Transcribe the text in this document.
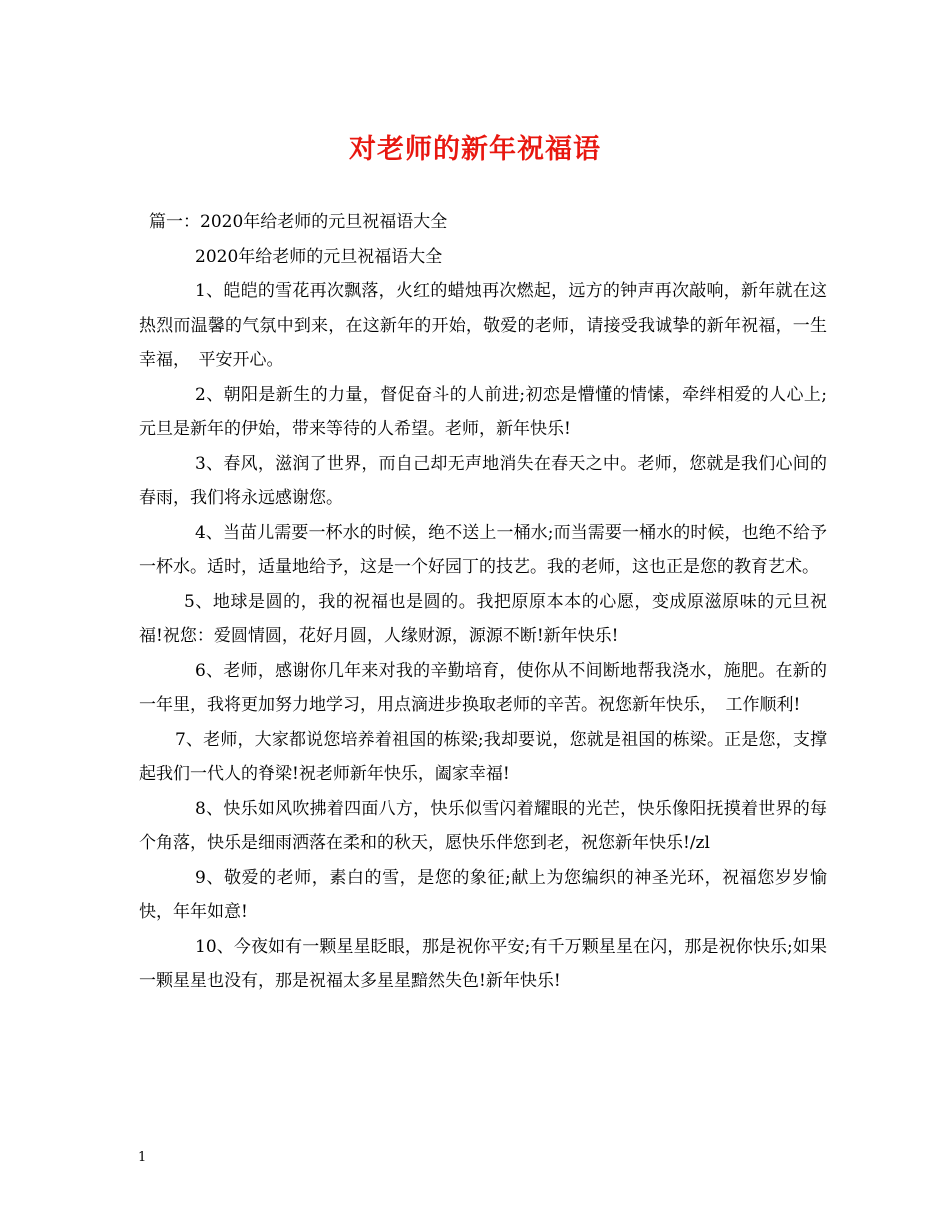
对老师的新年祝福语

篇一：2020年给老师的元旦祝福语大全

2020年给老师的元旦祝福语大全

1、皑皑的雪花再次飘落，火红的蜡烛再次燃起，远方的钟声再次敲响，新年就在这热烈而温馨的气氛中到来，在这新年的开始，敬爱的老师，请接受我诚挚的新年祝福，一生幸福，　平安开心。

2、朝阳是新生的力量，督促奋斗的人前进;初恋是懵懂的情愫，牵绊相爱的人心上;元旦是新年的伊始，带来等待的人希望。老师，新年快乐!

3、春风，滋润了世界，而自己却无声地消失在春天之中。老师，您就是我们心间的春雨，我们将永远感谢您。

4、当苗儿需要一杯水的时候，绝不送上一桶水;而当需要一桶水的时候，也绝不给予一杯水。适时，适量地给予，这是一个好园丁的技艺。我的老师，这也正是您的教育艺术。

5、地球是圆的，我的祝福也是圆的。我把原原本本的心愿，变成原滋原味的元旦祝福!祝您：爱圆情圆，花好月圆，人缘财源，源源不断!新年快乐!

6、老师，感谢你几年来对我的辛勤培育，使你从不间断地帮我浇水，施肥。在新的一年里，我将更加努力地学习，用点滴进步换取老师的辛苦。祝您新年快乐，　工作顺利!

7、老师，大家都说您培养着祖国的栋梁;我却要说，您就是祖国的栋梁。正是您，支撑起我们一代人的脊梁!祝老师新年快乐，阖家幸福!

8、快乐如风吹拂着四面八方，快乐似雪闪着耀眼的光芒，快乐像阳抚摸着世界的每个角落，快乐是细雨洒落在柔和的秋天，愿快乐伴您到老，祝您新年快乐!/zl

9、敬爱的老师，素白的雪，是您的象征;献上为您编织的神圣光环，祝福您岁岁愉快，年年如意!

10、今夜如有一颗星星眨眼，那是祝你平安;有千万颗星星在闪，那是祝你快乐;如果一颗星星也没有，那是祝福太多星星黯然失色!新年快乐!

1
